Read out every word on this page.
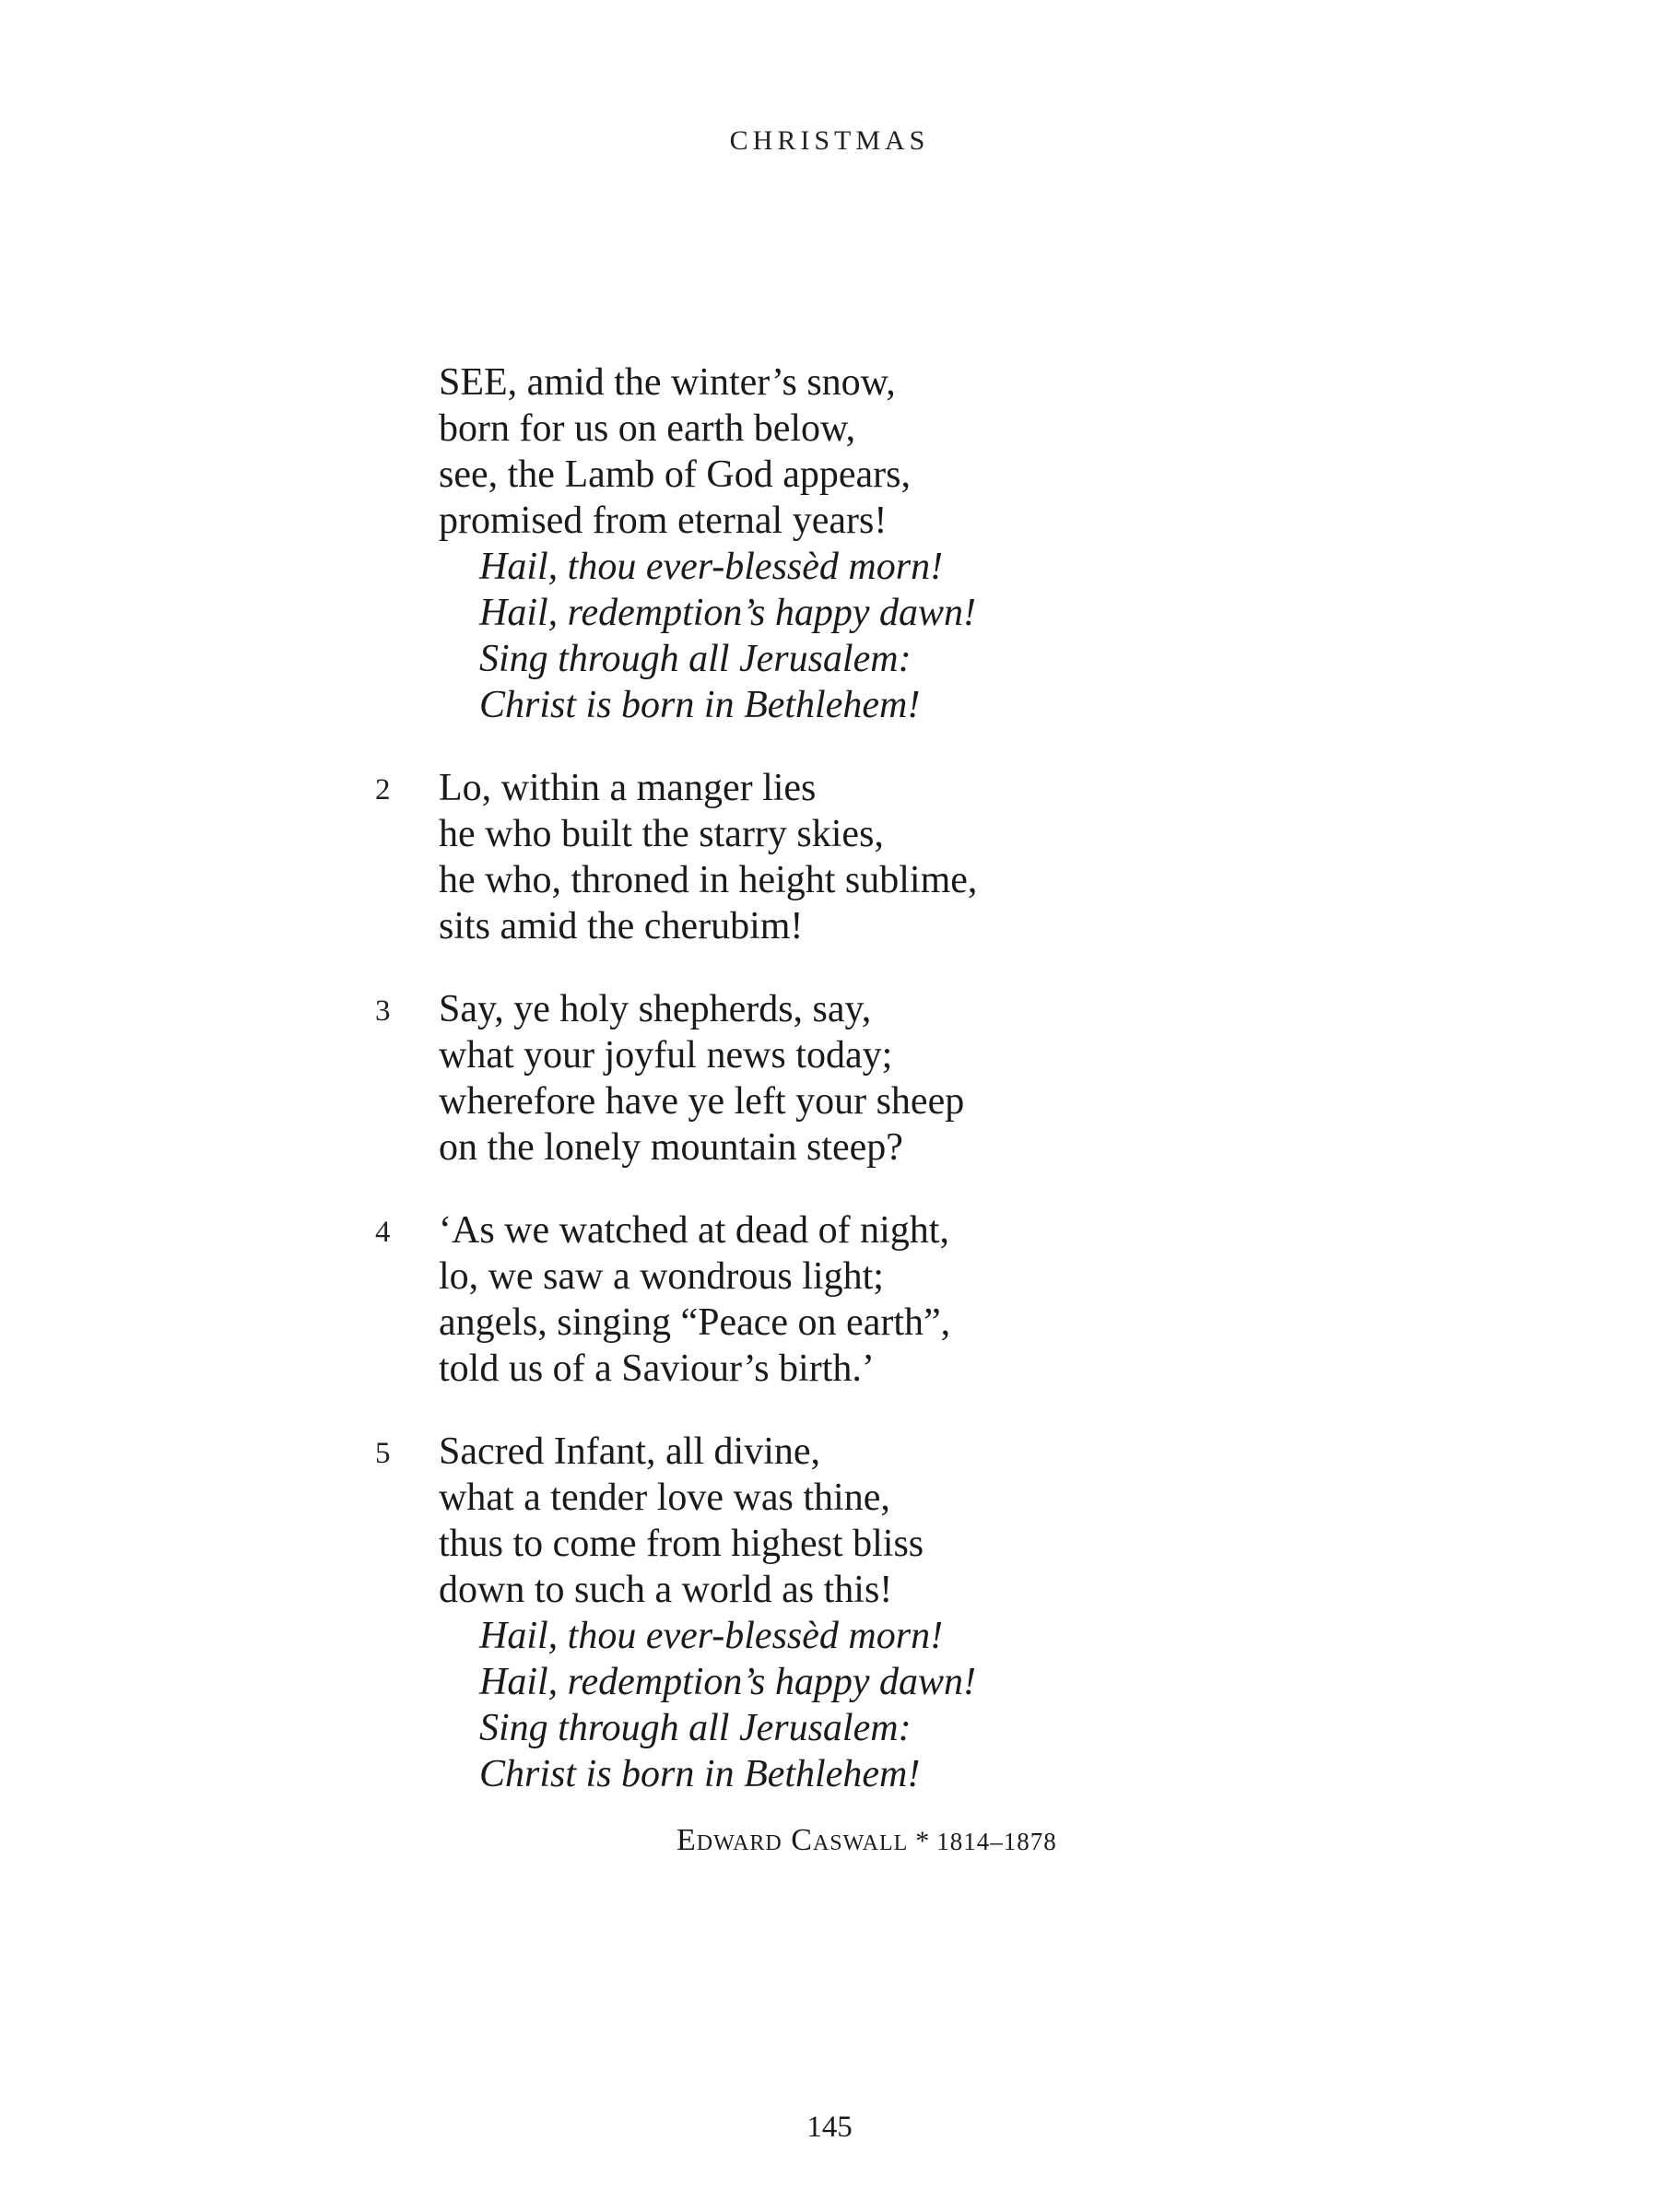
CHRISTMAS
SEE, amid the winter’s snow,
born for us on earth below,
see, the Lamb of God appears,
promised from eternal years!
Hail, thou ever-blessèd morn!
Hail, redemption’s happy dawn!
Sing through all Jerusalem:
Christ is born in Bethlehem!
2 Lo, within a manger lies
he who built the starry skies,
he who, throned in height sublime,
sits amid the cherubim!
3 Say, ye holy shepherds, say,
what your joyful news today;
wherefore have ye left your sheep
on the lonely mountain steep?
4 ‘As we watched at dead of night,
lo, we saw a wondrous light;
angels, singing “Peace on earth”,
told us of a Saviour’s birth.’
5 Sacred Infant, all divine,
what a tender love was thine,
thus to come from highest bliss
down to such a world as this!
Hail, thou ever-blessèd morn!
Hail, redemption’s happy dawn!
Sing through all Jerusalem:
Christ is born in Bethlehem!
Edward Caswall * 1814–1878
145
